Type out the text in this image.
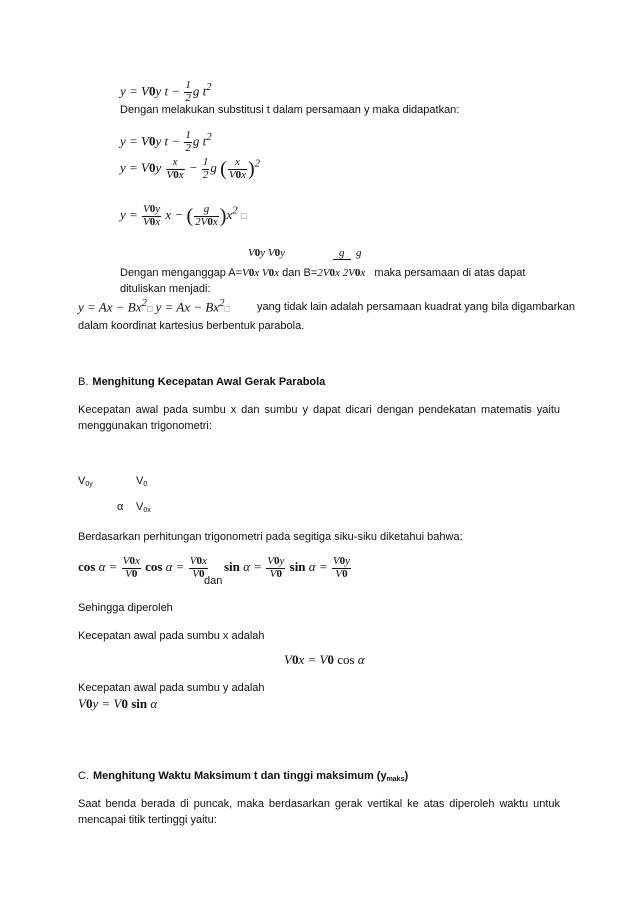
y = V0y $t - \frac{1}{2}$ g $t^2$
Dengan melakukan substitusi t dalam persamaan y maka didapatkan:
y = V0y $t - \frac{1}{2}$ g $t^2$
$y = V0y \frac{x}{V0x} - \frac{1}{2}$ g ( $\frac{x}{V0x} )^2$
$y = \frac{V0y}{V0x}$ x − ( $\frac{g}{2V0x} )x^2$ □
V0y V0y	g g
Dengan menganggap A=V0x V0x dan B=2V0x 2V0x maka persamaan di atas dapat
dituliskan menjadi:
$y = Ax - Bx^2□$ $y = Ax - Bx^2□$ yang tidak lain adalah persamaan kuadrat yang bila digambarkan
dalam koordinat kartesius berbentuk parabola.
B. Menghitung Kecepatan Awal Gerak Parabola
Kecepatan awal pada sumbu x dan sumbu y dapat dicari dengan pendekatan matematis yaitu
menggunakan trigonometri:
$V_{0y}$	$V_0$
α $V_{0x}$
Berdasarkan perhitungan trigonometri pada segitiga siku-siku diketahui bahwa:
$\cos \alpha = \frac{V0x}{V0}$ $\cos \alpha = \frac{V0x}{V0}$
dan
$\sin \alpha = \frac{V0y}{V0}$ $\sin \alpha = \frac{V0y}{V0}$
Sehingga diperoleh
Kecepatan awal pada sumbu x adalah
V0x = V0 cos α
Kecepatan awal pada sumbu y adalah
V0y = V0 sin α
C. Menghitung Waktu Maksimum t dan tinggi maksimum $(y_{maks})$
Saat benda berada di puncak, maka berdasarkan gerak vertikal ke atas diperoleh waktu untuk
mencapai titik tertinggi yaitu:
